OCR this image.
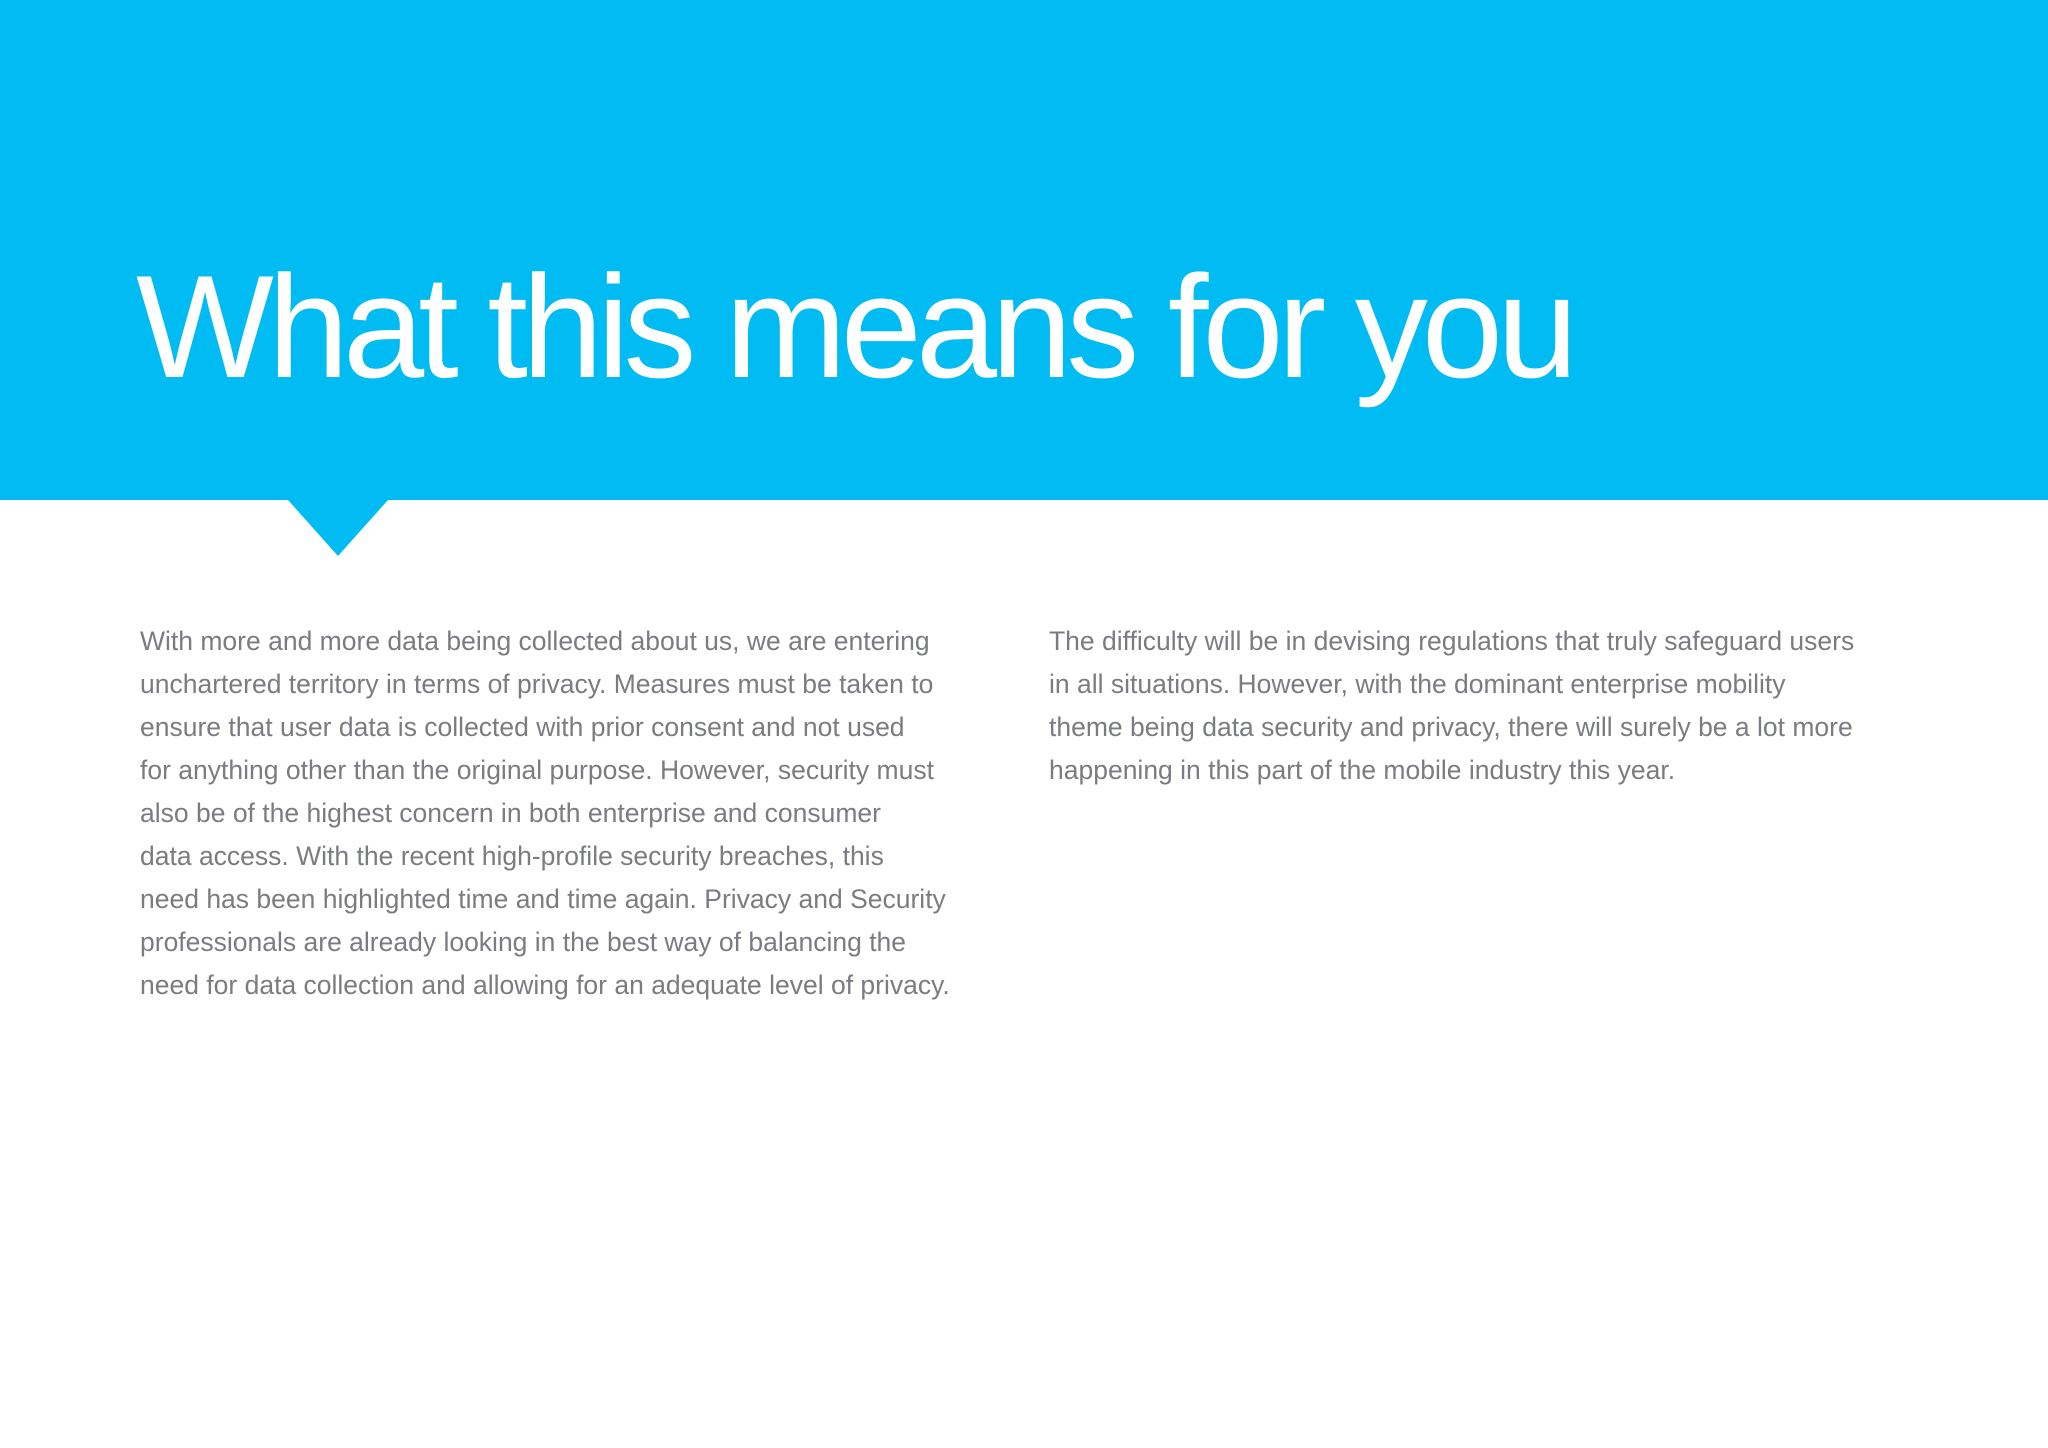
What this means for you

With more and more data being collected about us, we are entering
unchartered territory in terms of privacy. Measures must be taken to
ensure that user data is collected with prior consent and not used
for anything other than the original purpose. However, security must
also be of the highest concern in both enterprise and consumer
data access. With the recent high-profile security breaches, this
need has been highlighted time and time again. Privacy and Security
professionals are already looking in the best way of balancing the
need for data collection and allowing for an adequate level of privacy.

The difficulty will be in devising regulations that truly safeguard users
in all situations. However, with the dominant enterprise mobility
theme being data security and privacy, there will surely be a lot more
happening in this part of the mobile industry this year.
